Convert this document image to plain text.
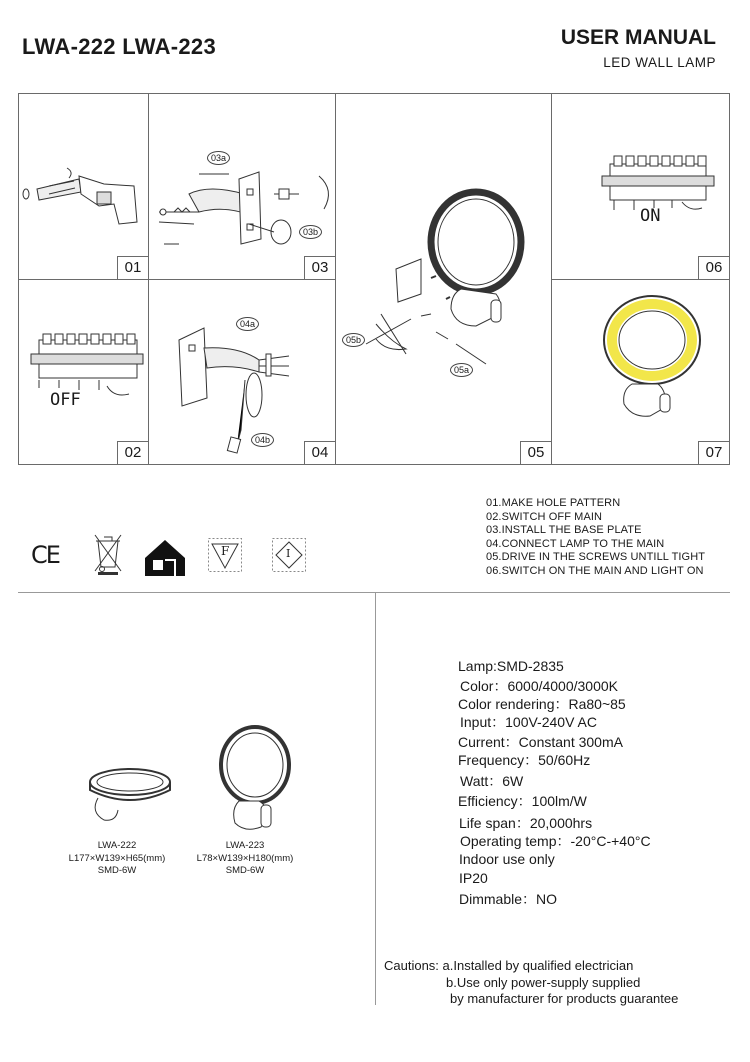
LWA-222 LWA-223	USER MANUAL
LED WALL LAMP
01
OFF
02
03a
03b
03
04a
04b
04
05b
05a
05
ON
06
07
CE	F	I
01.MAKE HOLE PATTERN
02.SWITCH OFF MAIN
03.INSTALL THE BASE PLATE
04.CONNECT LAMP TO THE MAIN
05.DRIVE IN THE SCREWS UNTILL TIGHT
06.SWITCH ON THE MAIN AND LIGHT ON
LWA-222
L177×W139×H65(mm)
SMD-6W
LWA-223
L78×W139×H180(mm)
SMD-6W
Lamp:SMD-2835
Color：6000/4000/3000K
Color rendering：Ra80~85
Input：100V-240V AC
Current：Constant 300mA
Frequency：50/60Hz
Watt：6W
Efficiency：100lm/W
Life span：20,000hrs
Operating temp：-20°C-+40°C
Indoor use only
IP20
Dimmable：NO
Cautions: a.Installed by qualified electrician
b.Use only power-supply supplied
by manufacturer for products guarantee
